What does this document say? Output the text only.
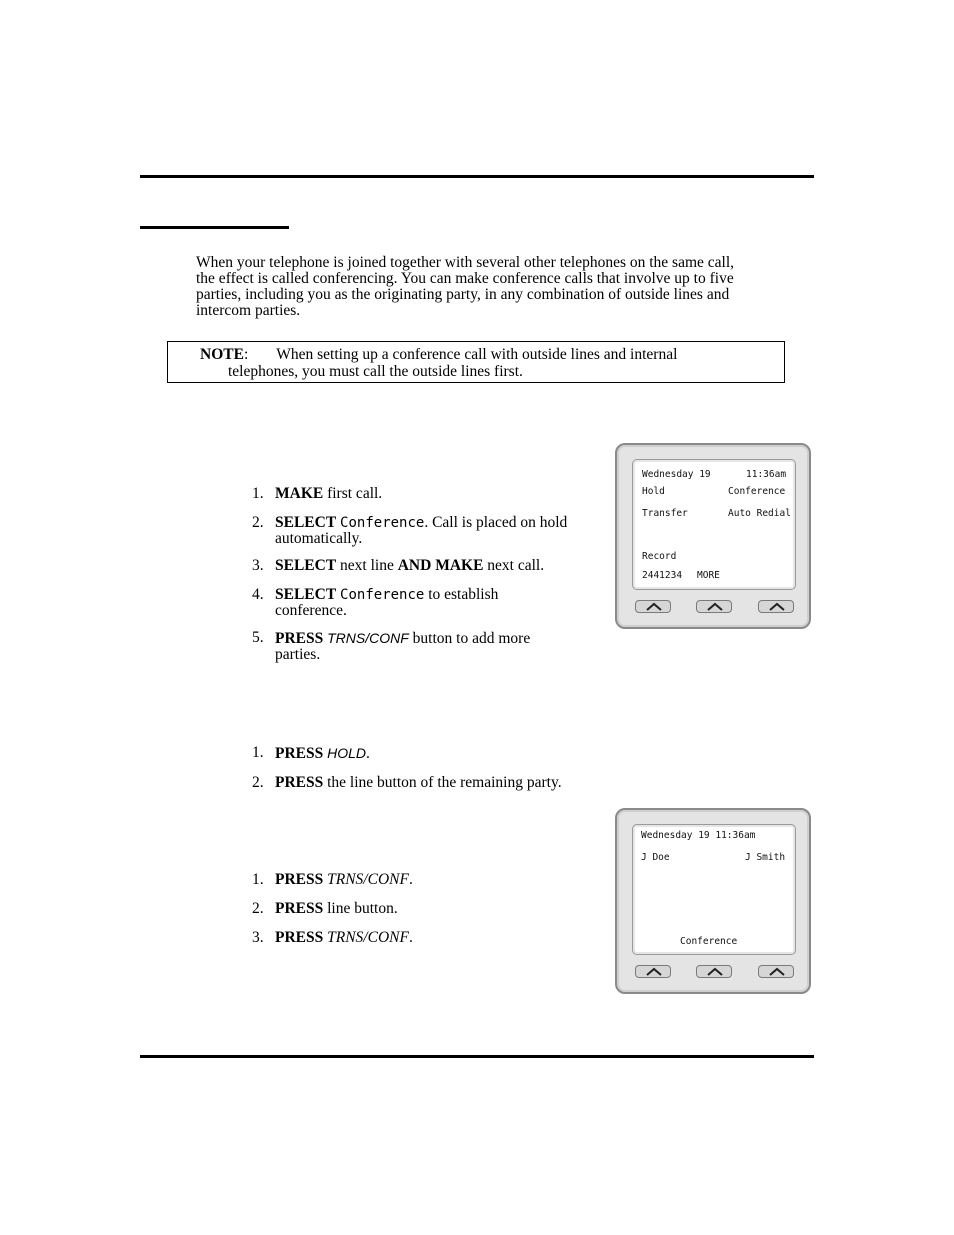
When your telephone is joined together with several other telephones on the same call, the effect is called conferencing. You can make conference calls that involve up to five parties, including you as the originating party, in any combination of outside lines and intercom parties.

NOTE: When setting up a conference call with outside lines and internal
telephones, you must call the outside lines first.
1. MAKE first call.
2. SELECT Conference. Call is placed on hold
automatically.
3. SELECT next line AND MAKE next call.
4. SELECT Conference to establish
conference.
5. PRESS TRNS/CONF button to add more
parties.
1. PRESS HOLD.
2. PRESS the line button of the remaining party.
1. PRESS TRNS/CONF.
2. PRESS line button.
3. PRESS TRNS/CONF.
Wednesday 19	11:36am
Hold	Conference
Transfer	Auto Redial
Record
2441234 MORE
Wednesday 19 11:36am
J Doe	J Smith
Conference
